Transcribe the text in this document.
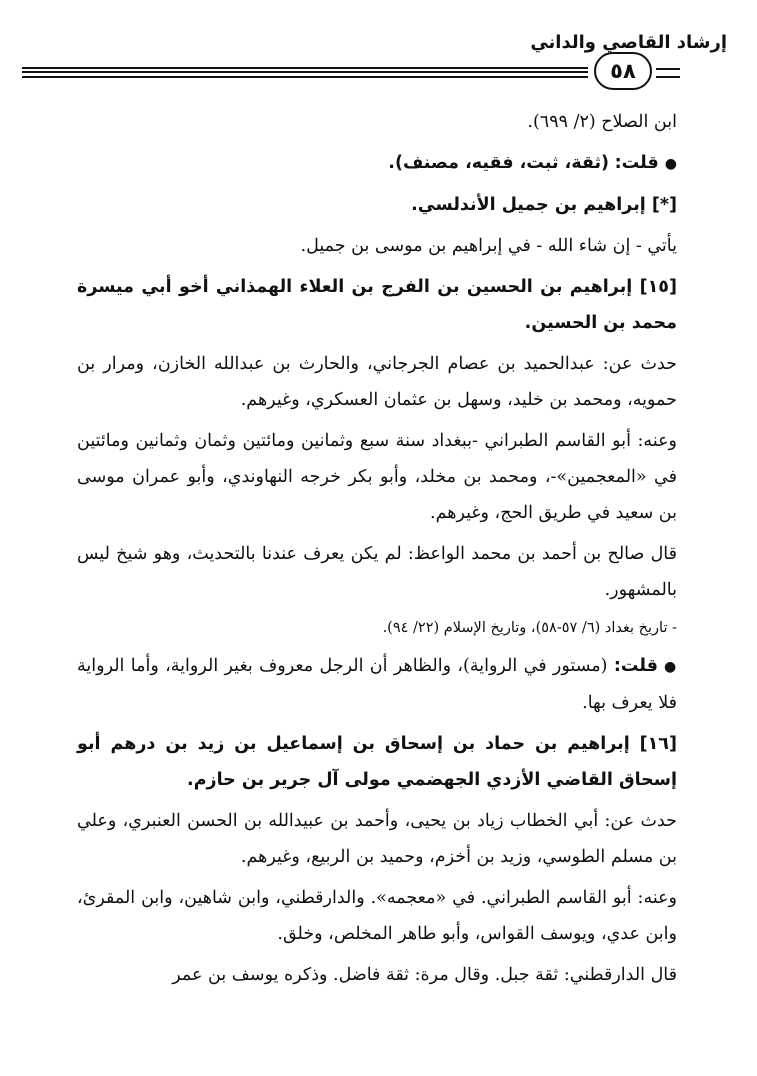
إرشاد القاصي والداني
٥٨

ابن الصلاح (٢/ ٦٩٩).

●قلت: (ثقة، ثبت، فقيه، مصنف).

[*] إبراهيم بن جميل الأندلسي.

يأتي - إن شاء الله - في إبراهيم بن موسى بن جميل.

[١٥] إبراهيم بن الحسين بن الفرج بن العلاء الهمذاني أخو أبي ميسرة محمد بن الحسين.

حدث عن: عبدالحميد بن عصام الجرجاني، والحارث بن عبدالله الخازن، ومرار بن حمويه، ومحمد بن خليد، وسهل بن عثمان العسكري، وغيرهم.

وعنه: أبو القاسم الطبراني -ببغداد سنة سبع وثمانين ومائتين وثمان وثمانين ومائتين في «المعجمين»-، ومحمد بن مخلد، وأبو بكر خرجه النهاوندي، وأبو عمران موسى بن سعيد في طريق الحج، وغيرهم.

قال صالح بن أحمد بن محمد الواعظ: لم يكن يعرف عندنا بالتحديث، وهو شيخ ليس بالمشهور.

- تاريخ بغداد (٦/ ٥٧-٥٨)، وتاريخ الإسلام (٢٢/ ٩٤).

●قلت: (مستور في الرواية)، والظاهر أن الرجل معروف بغير الرواية، وأما الرواية فلا يعرف بها.

[١٦] إبراهيم بن حماد بن إسحاق بن إسماعيل بن زيد بن درهم أبو إسحاق القاضي الأزدي الجهضمي مولى آل جرير بن حازم.

حدث عن: أبي الخطاب زياد بن يحيى، وأحمد بن عبيدالله بن الحسن العنبري، وعلي بن مسلم الطوسي، وزيد بن أخزم، وحميد بن الربيع، وغيرهم.

وعنه: أبو القاسم الطبراني. في «معجمه». والدارقطني، وابن شاهين، وابن المقرئ، وابن عدي، ويوسف القواس، وأبو طاهر المخلص، وخلق.

قال الدارقطني: ثقة جبل. وقال مرة: ثقة فاضل. وذكره يوسف بن عمر
